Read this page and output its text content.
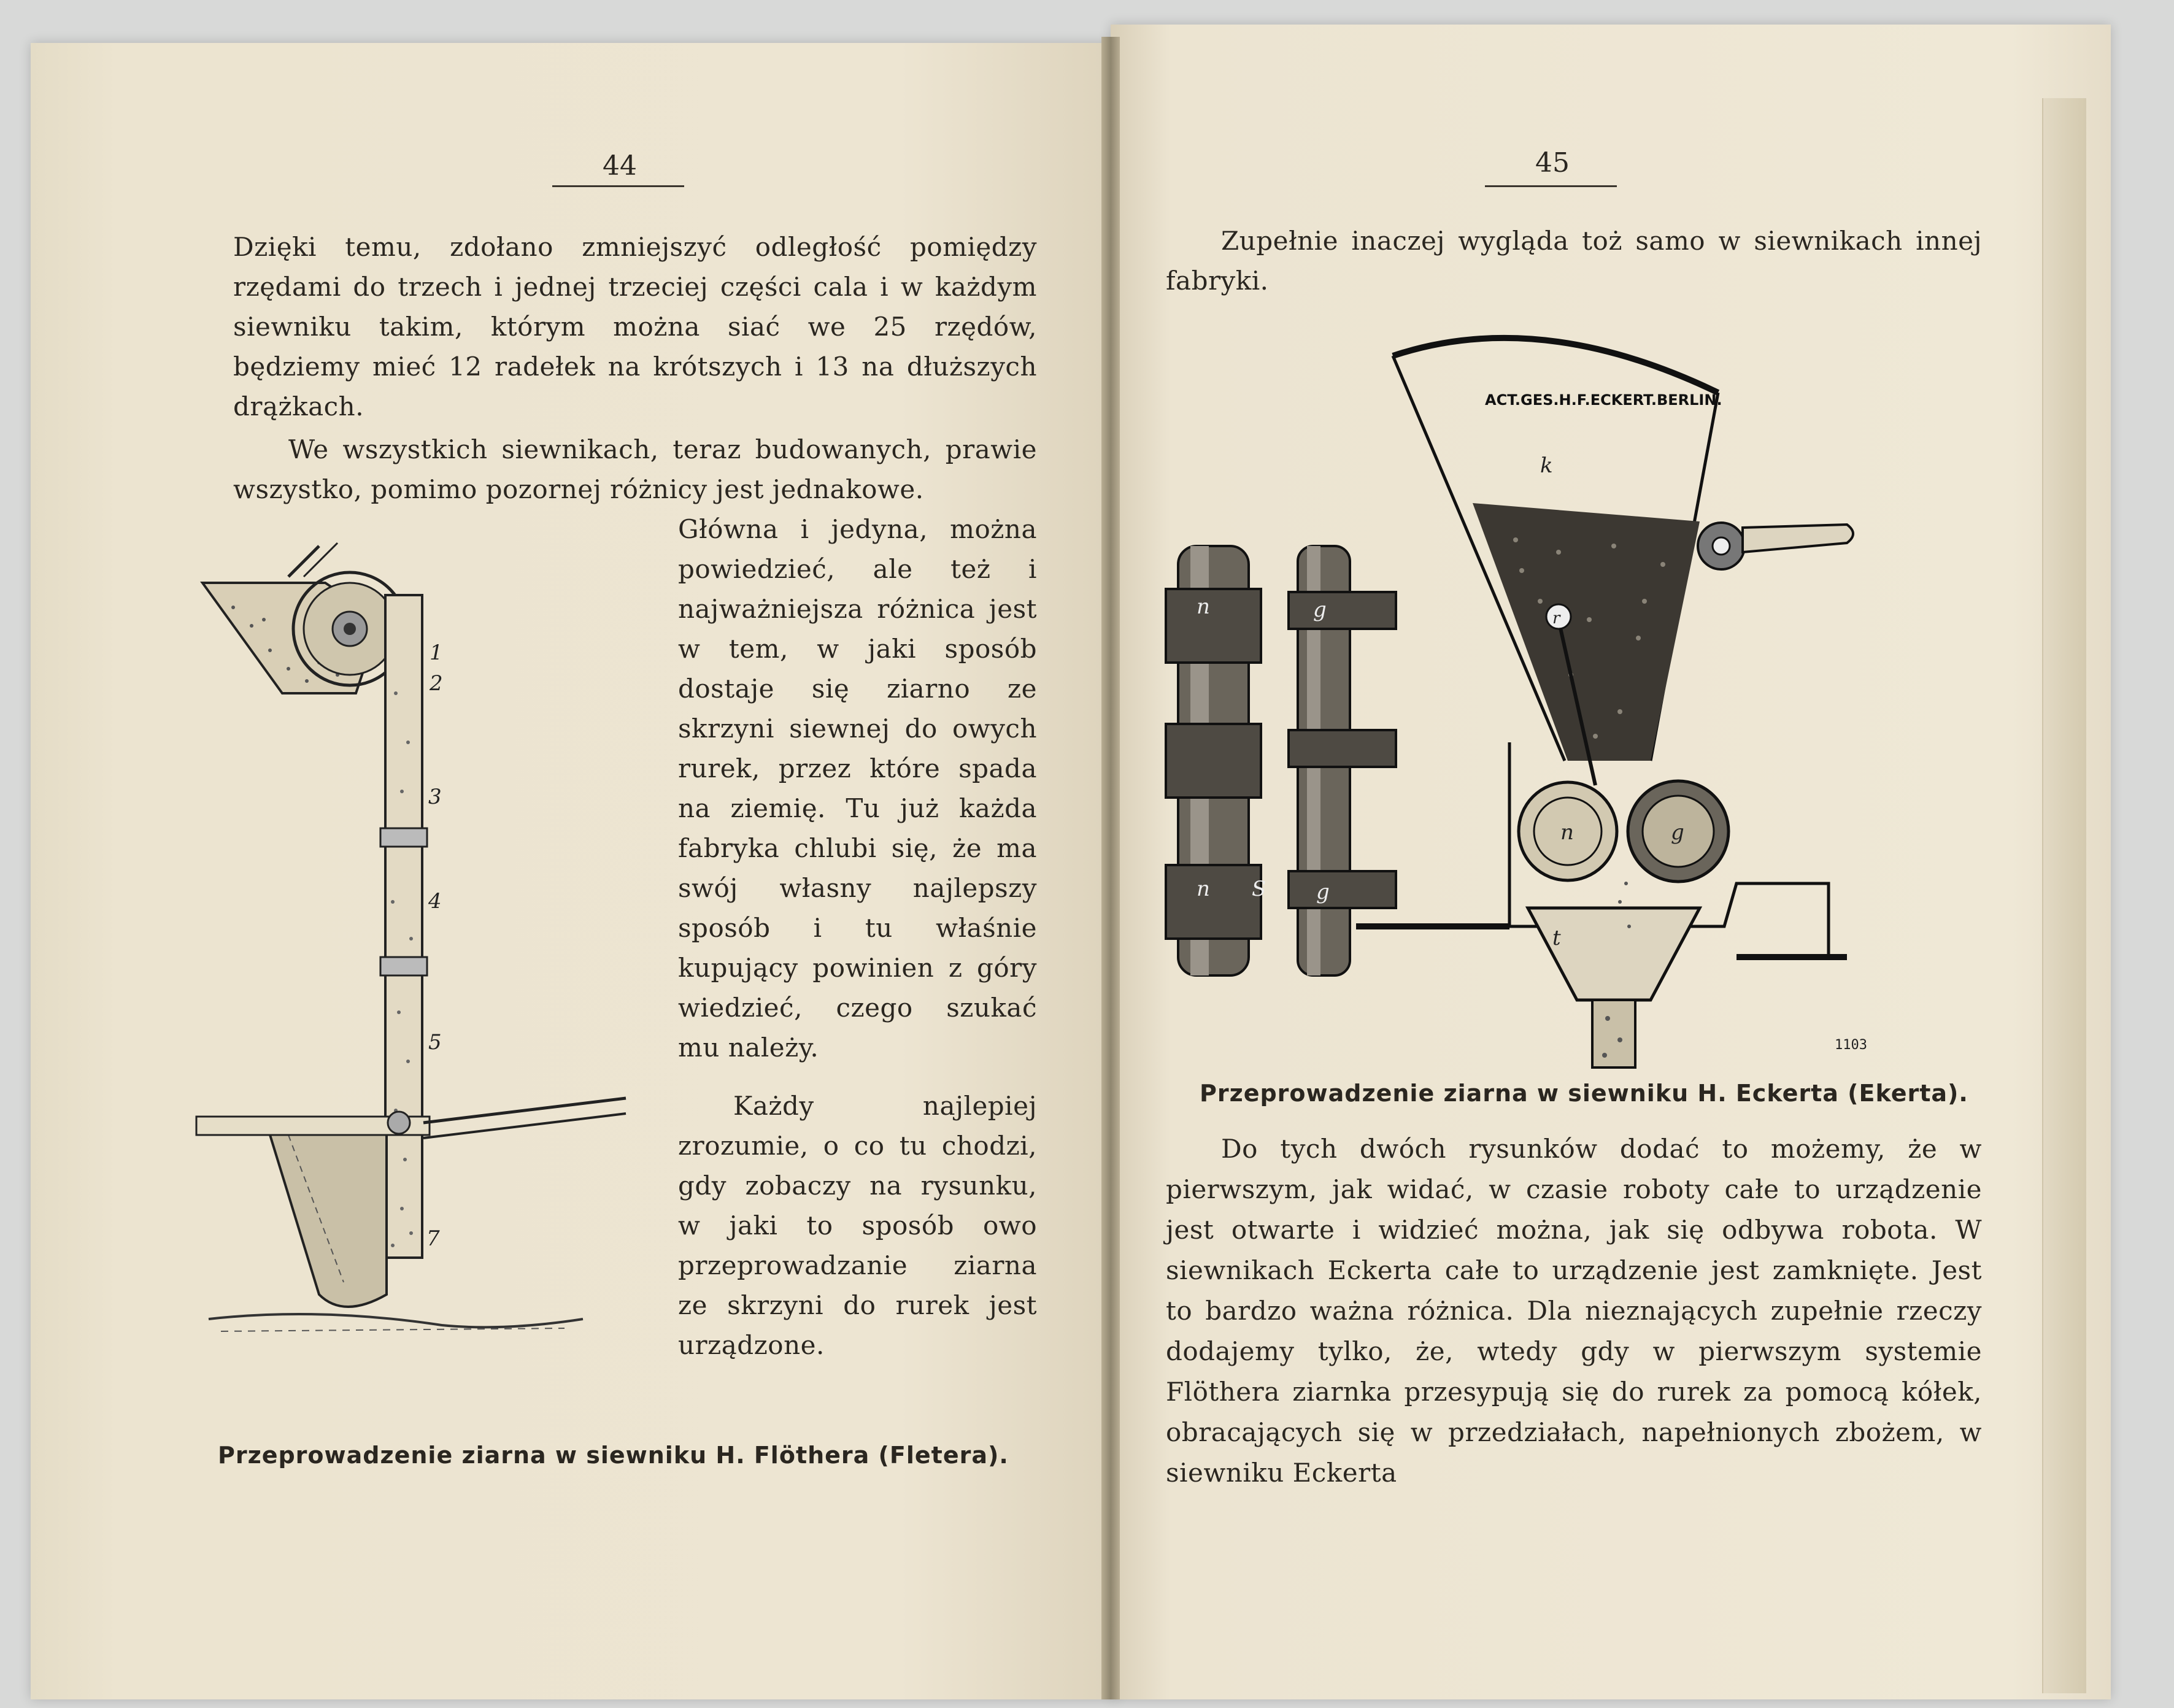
44

Dzięki temu, zdołano zmniejszyć odległość pomiędzy rzędami do trzech i jednej trzeciej części cala i w każdym siewniku takim, którym można siać we 25 rzędów, będziemy mieć 12 radełek na krótszych i 13 na dłuższych drążkach.

We wszystkich siewnikach, teraz budowanych, prawie wszystko, pomimo pozornej różnicy jest jednakowe.

Główna i jedyna, można powiedzieć, ale też i najważniejsza różnica jest w tem, w jaki sposób dostaje się ziarno ze skrzyni siewnej do owych rurek, przez które spada na ziemię. Tu już każda fabryka chlubi się, że ma swój własny najlepszy sposób i tu właśnie kupujący powinien z góry wiedzieć, czego szukać mu należy.

Każdy najlepiej zrozumie, o co tu chodzi, gdy zobaczy na rysunku, w jaki to sposób owo przeprowadzanie ziarna ze skrzyni do rurek jest urządzone.

1
2
3
4
5
7
Przeprowadzenie ziarna w siewniku H. Flöthera (Fletera).
45

Zupełnie inaczej wygląda toż samo w siewnikach innej fabryki.

n	g
n S g
ACT.GES.H.F.ECKERT.BERLIN.
k
r
n	g
t
1103
Przeprowadzenie ziarna w siewniku H. Eckerta (Ekerta).

Do tych dwóch rysunków dodać to możemy, że w pierwszym, jak widać, w czasie roboty całe to urządzenie jest otwarte i widzieć można, jak się odbywa robota. W siewnikach Eckerta całe to urządzenie jest zamknięte. Jest to bardzo ważna różnica. Dla nieznających zupełnie rzeczy dodajemy tylko, że, wtedy gdy w pierwszym systemie Flöthera ziarnka przesypują się do rurek za pomocą kółek, obracających się w przedziałach, napełnionych zbożem, w siewniku Eckerta
